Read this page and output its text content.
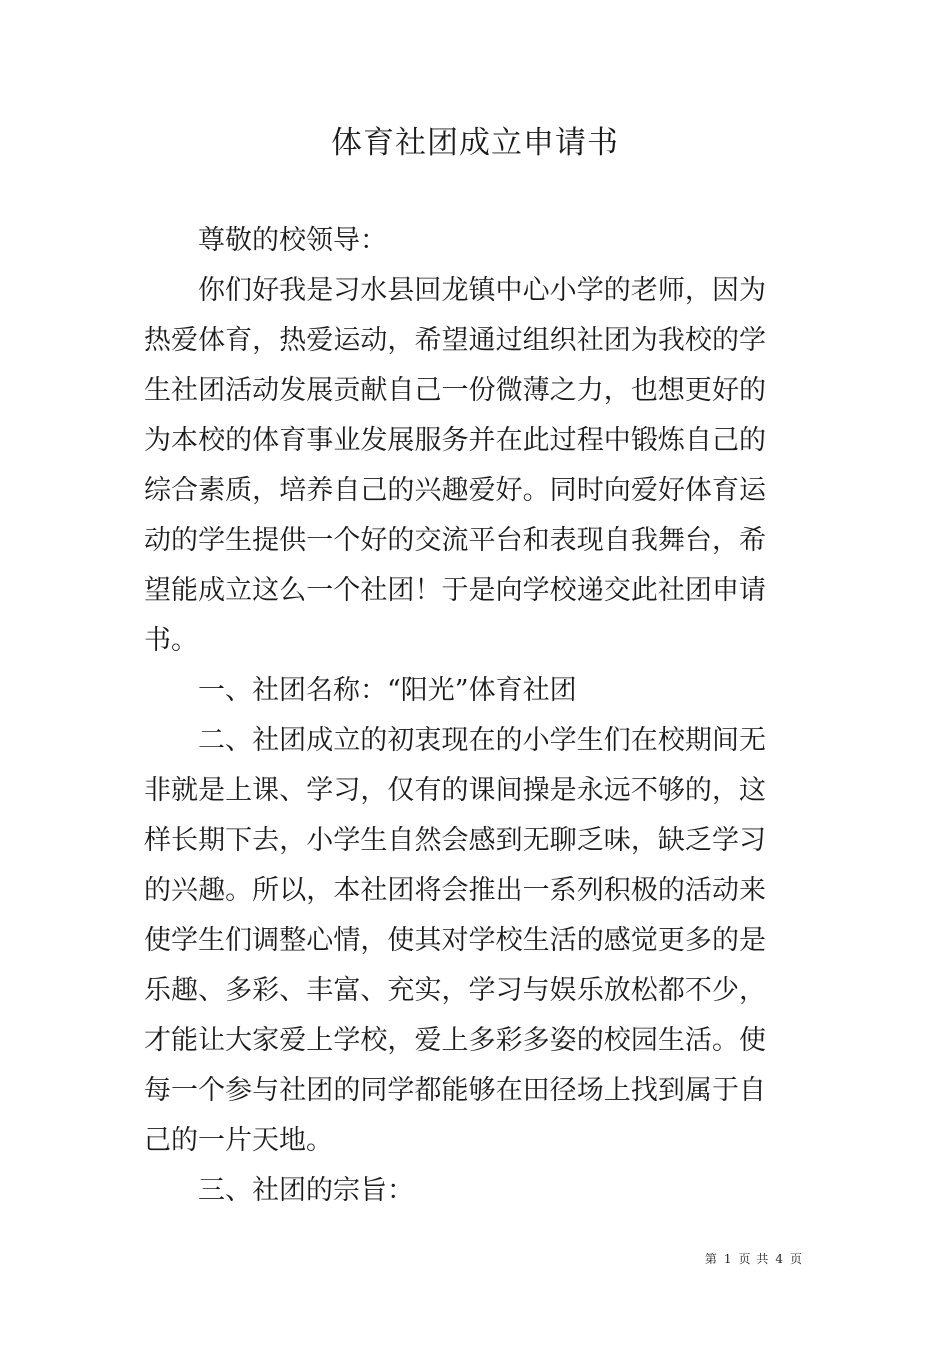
体育社团成立申请书

尊敬的校领导：

你们好我是习水县回龙镇中心小学的老师，因为热爱体育，热爱运动，希望通过组织社团为我校的学生社团活动发展贡献自己一份微薄之力，也想更好的为本校的体育事业发展服务并在此过程中锻炼自己的综合素质，培养自己的兴趣爱好。同时向爱好体育运动的学生提供一个好的交流平台和表现自我舞台，希望能成立这么一个社团！于是向学校递交此社团申请书。

一、社团名称：“阳光”体育社团

二、社团成立的初衷现在的小学生们在校期间无非就是上课、学习，仅有的课间操是永远不够的，这样长期下去，小学生自然会感到无聊乏味，缺乏学习的兴趣。所以，本社团将会推出一系列积极的活动来使学生们调整心情，使其对学校生活的感觉更多的是乐趣、多彩、丰富、充实，学习与娱乐放松都不少，才能让大家爱上学校，爱上多彩多姿的校园生活。使每一个参与社团的同学都能够在田径场上找到属于自己的一片天地。

三、社团的宗旨：

第 1 页 共 4 页
